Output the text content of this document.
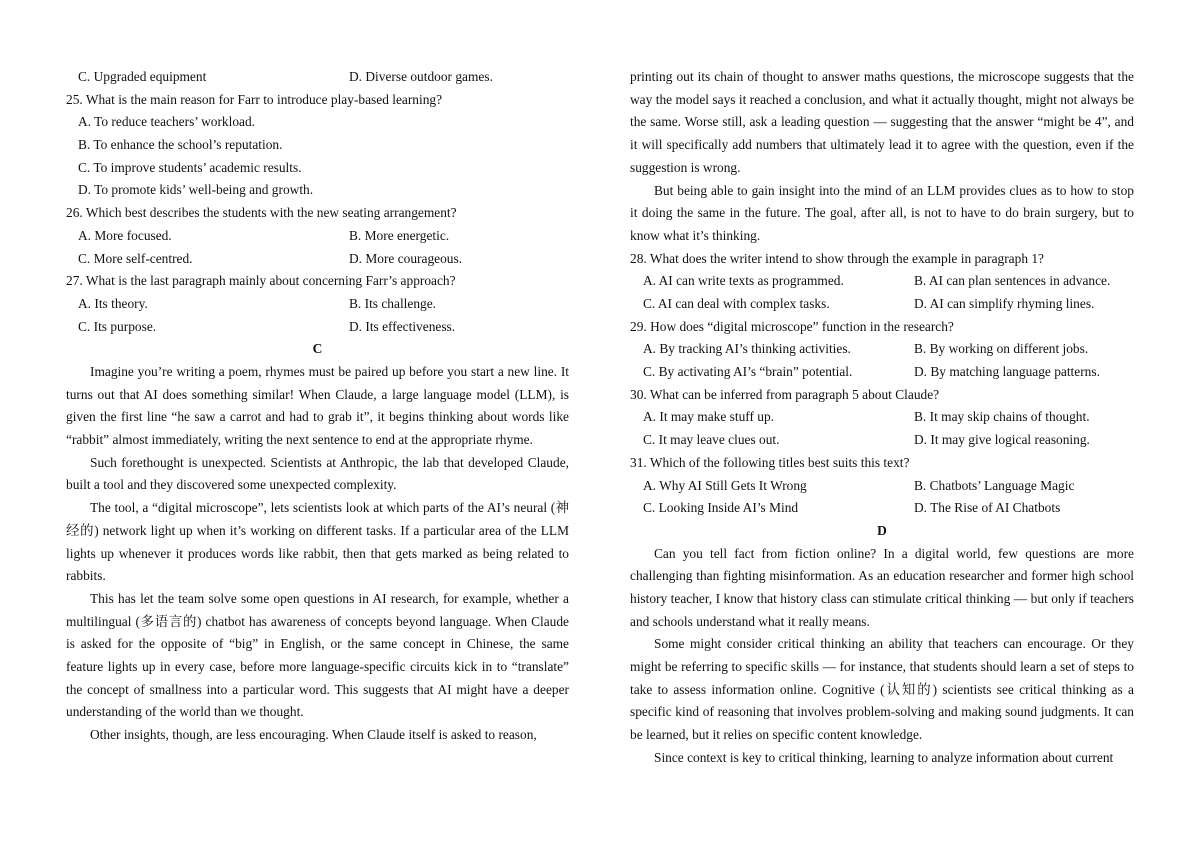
C. Upgraded equipment	D. Diverse outdoor games.
25. What is the main reason for Farr to introduce play-based learning?
A. To reduce teachers’ workload.
B. To enhance the school’s reputation.
C. To improve students’ academic results.
D. To promote kids’ well-being and growth.
26. Which best describes the students with the new seating arrangement?
A. More focused.	B. More energetic.
C. More self-centred.	D. More courageous.
27. What is the last paragraph mainly about concerning Farr’s approach?
A. Its theory.	B. Its challenge.
C. Its purpose.	D. Its effectiveness.
C
Imagine you’re writing a poem, rhymes must be paired up before you start a new line. It turns out that AI does something similar! When Claude, a large language model (LLM), is given the first line “he saw a carrot and had to grab it”, it begins thinking about words like “rabbit” almost immediately, writing the next sentence to end at the appropriate rhyme.
Such forethought is unexpected. Scientists at Anthropic, the lab that developed Claude, built a tool and they discovered some unexpected complexity.
The tool, a “digital microscope”, lets scientists look at which parts of the AI’s neural (神经的) network light up when it’s working on different tasks. If a particular area of the LLM lights up whenever it produces words like rabbit, then that gets marked as being related to rabbits.
This has let the team solve some open questions in AI research, for example, whether a multilingual (多语言的) chatbot has awareness of concepts beyond language. When Claude is asked for the opposite of “big” in English, or the same concept in Chinese, the same feature lights up in every case, before more language-specific circuits kick in to “translate” the concept of smallness into a particular word. This suggests that AI might have a deeper understanding of the world than we thought.
Other insights, though, are less encouraging. When Claude itself is asked to reason,
printing out its chain of thought to answer maths questions, the microscope suggests that the way the model says it reached a conclusion, and what it actually thought, might not always be the same. Worse still, ask a leading question — suggesting that the answer “might be 4”, and it will specifically add numbers that ultimately lead it to agree with the question, even if the suggestion is wrong.
But being able to gain insight into the mind of an LLM provides clues as to how to stop it doing the same in the future. The goal, after all, is not to have to do brain surgery, but to know what it’s thinking.
28. What does the writer intend to show through the example in paragraph 1?
A. AI can write texts as programmed.	B. AI can plan sentences in advance.
C. AI can deal with complex tasks.	D. AI can simplify rhyming lines.
29. How does “digital microscope” function in the research?
A. By tracking AI’s thinking activities.	B. By working on different jobs.
C. By activating AI’s “brain” potential.	D. By matching language patterns.
30. What can be inferred from paragraph 5 about Claude?
A. It may make stuff up.	B. It may skip chains of thought.
C. It may leave clues out.	D. It may give logical reasoning.
31. Which of the following titles best suits this text?
A. Why AI Still Gets It Wrong	B. Chatbots’ Language Magic
C. Looking Inside AI’s Mind	D. The Rise of AI Chatbots
D
Can you tell fact from fiction online? In a digital world, few questions are more challenging than fighting misinformation. As an education researcher and former high school history teacher, I know that history class can stimulate critical thinking — but only if teachers and schools understand what it really means.
Some might consider critical thinking an ability that teachers can encourage. Or they might be referring to specific skills — for instance, that students should learn a set of steps to take to assess information online. Cognitive (认知的) scientists see critical thinking as a specific kind of reasoning that involves problem-solving and making sound judgments. It can be learned, but it relies on specific content knowledge.
Since context is key to critical thinking, learning to analyze information about current
